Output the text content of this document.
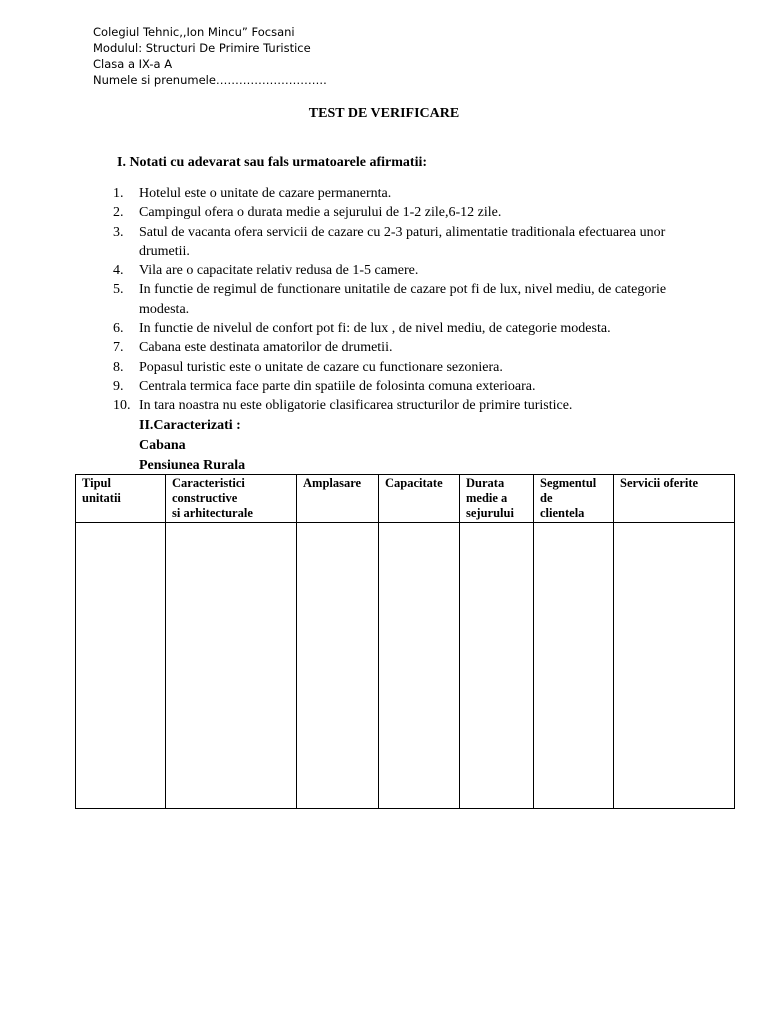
Colegiul Tehnic,,Ion Mincu” Focsani
Modulul: Structuri De Primire Turistice
Clasa a IX-a A
Numele si prenumele………………………..
TEST DE VERIFICARE
I. Notati cu adevarat sau fals urmatoarele afirmatii:
1.	Hotelul este o unitate de cazare permanernta.
2.	Campingul ofera o durata medie a sejurului de 1-2 zile,6-12 zile.
3.	Satul de vacanta ofera servicii de cazare cu 2-3 paturi, alimentatie traditionala efectuarea unor drumetii.
4.	Vila are o capacitate relativ redusa de 1-5 camere.
5.	In functie de regimul de functionare unitatile de cazare pot fi de lux, nivel mediu, de categorie modesta.
6.	In functie de nivelul de confort pot fi: de lux , de nivel mediu, de categorie modesta.
7.	Cabana este destinata amatorilor de drumetii.
8.	Popasul turistic este o unitate de cazare cu functionare sezoniera.
9.	Centrala termica face parte din spatiile de folosinta comuna exterioara.
10. In tara noastra nu este obligatorie clasificarea structurilor de primire turistice.
II.Caracterizati :
Cabana
Pensiunea Rurala
Tipul
unitatii	Caracteristici
constructive
si arhitecturale	Amplasare	Capacitate	Durata
medie a
sejurului	Segmentul
de
clientela	Servicii oferite
